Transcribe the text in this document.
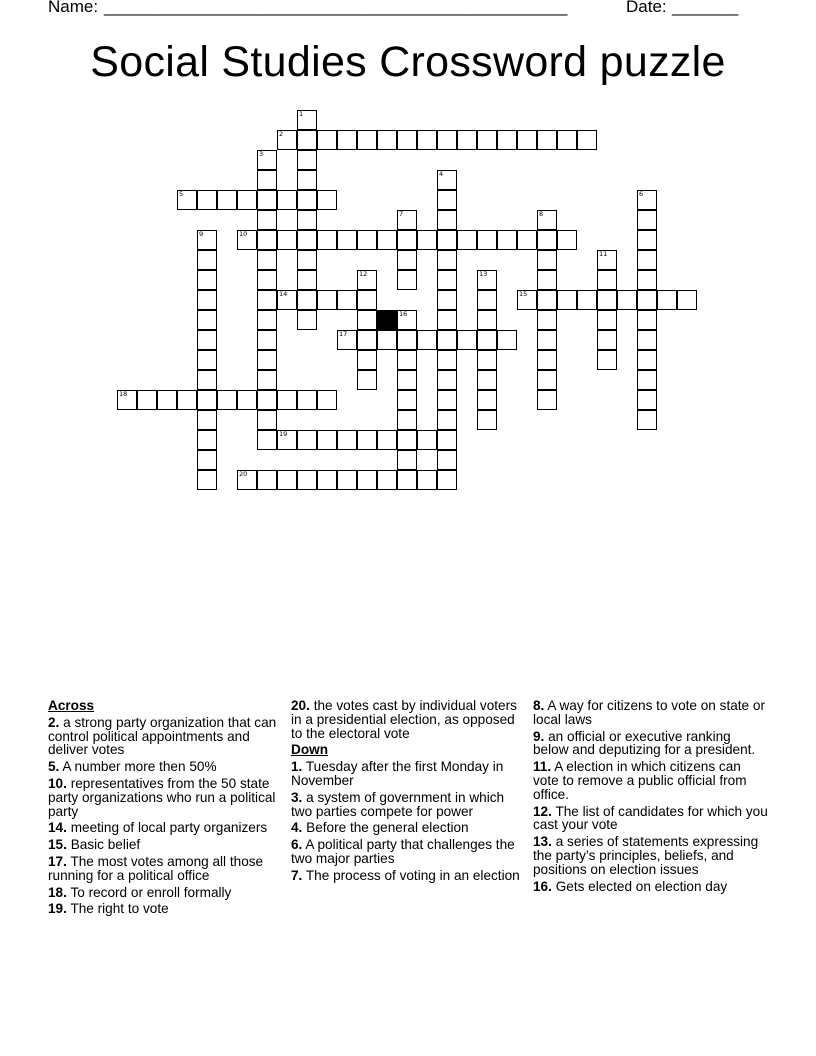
Name: _________________________________________________	Date: _______
Social Studies Crossword puzzle
1
2
3
4
5	6
7	8
9	10
11
12	13
14	15
16
17
18
19
20
Across
2. a strong party organization that can control political appointments and deliver votes
5. A number more then 50%
10. representatives from the 50 state party organizations who run a political party
14. meeting of local party organizers
15. Basic belief
17. The most votes among all those running for a political office
18. To record or enroll formally
19. The right to vote
20. the votes cast by individual voters in a presidential election, as opposed to the electoral vote
Down
1. Tuesday after the first Monday in November
3. a system of government in which two parties compete for power
4. Before the general election
6. A political party that challenges the two major parties
7. The process of voting in an election
8. A way for citizens to vote on state or local laws
9. an official or executive ranking below and deputizing for a president.
11. A election in which citizens can vote to remove a public official from office.
12. The list of candidates for which you cast your vote
13. a series of statements expressing the party’s principles, beliefs, and positions on election issues
16. Gets elected on election day
